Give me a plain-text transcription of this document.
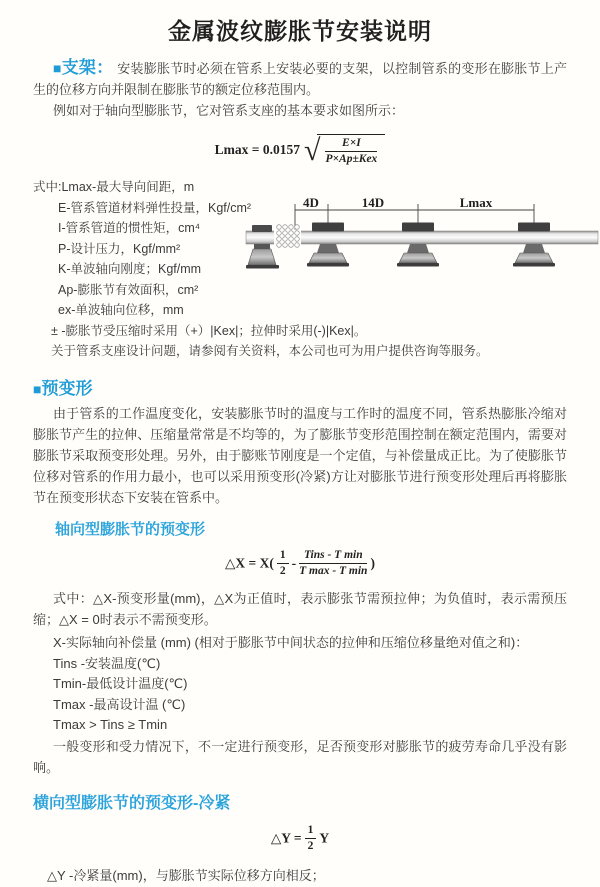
金属波纹膨胀节安装说明
■支架： 安装膨胀节时必须在管系上安装必要的支架，以控制管系的变形在膨胀节上产生的位移方向并限制在膨胀节的额定位移范围内。
例如对于轴向型膨胀节，它对管系支座的基本要求如图所示：
Lmax = 0.0157 √ $\frac{E\times I}{\text{P×Ap±Kex}}$
式中:Lmax-最大导向间距，m
E-管系管道材料弹性投量，Kgf/cm²
I-管系管道的惯性矩，cm⁴
P-设计压力，Kgf/mm²
K-单波轴向刚度；Kgf/mm
Ap-膨胀节有效面积，cm²
ex-单波轴向位移，mm
± -膨胀节受压缩时采用（+）|Kex|；拉伸时采用(-)|Kex|。
关于管系支座设计问题，请参阅有关资料，本公司也可为用户提供咨询等服务。
■预变形
由于管系的工作温度变化，安装膨胀节时的温度与工作时的温度不同，管系热膨胀冷缩对膨胀节产生的拉伸、压缩量常常是不均等的，为了膨胀节变形范围控制在额定范围内，需要对膨胀节采取预变形处理。另外，由于膨账节刚度是一个定值，与补偿量成正比。为了使膨胀节位移对管系的作用力最小，也可以采用预变形(冷紧)方让对膨胀节进行预变形处理后再将膨胀节在预变形状态下安装在管系中。
轴向型膨胀节的预变形
△X = $X( \frac{1}{2} - \frac{\text{Tins - T min}}{\text{T max - T min}}$ )
式中：△X-预变形量(mm)，△X为正值时，表示膨张节需预拉伸；为负值时，表示需预压缩；△X = 0时表示不需预变形。
X-实际轴向补偿量 (mm) (相对于膨胀节中间状态的拉伸和压缩位移量绝对值之和)：
Tins -安装温度(℃)
Tmin-最低设计温度(℃)
Tmax -最高设计温 (℃)
Tmax > Tins ≥ Tmin
一般变形和受力情况下，不一定进行预变形，足否预变形对膨胀节的疲劳寿命几乎没有影响。
横向型膨胀节的预变形-冷紧
△Y = $\frac{1}{2}$ Y
△Y -冷紧量(mm)，与膨胀节实际位移方向相反；
4D	14D	Lmax
